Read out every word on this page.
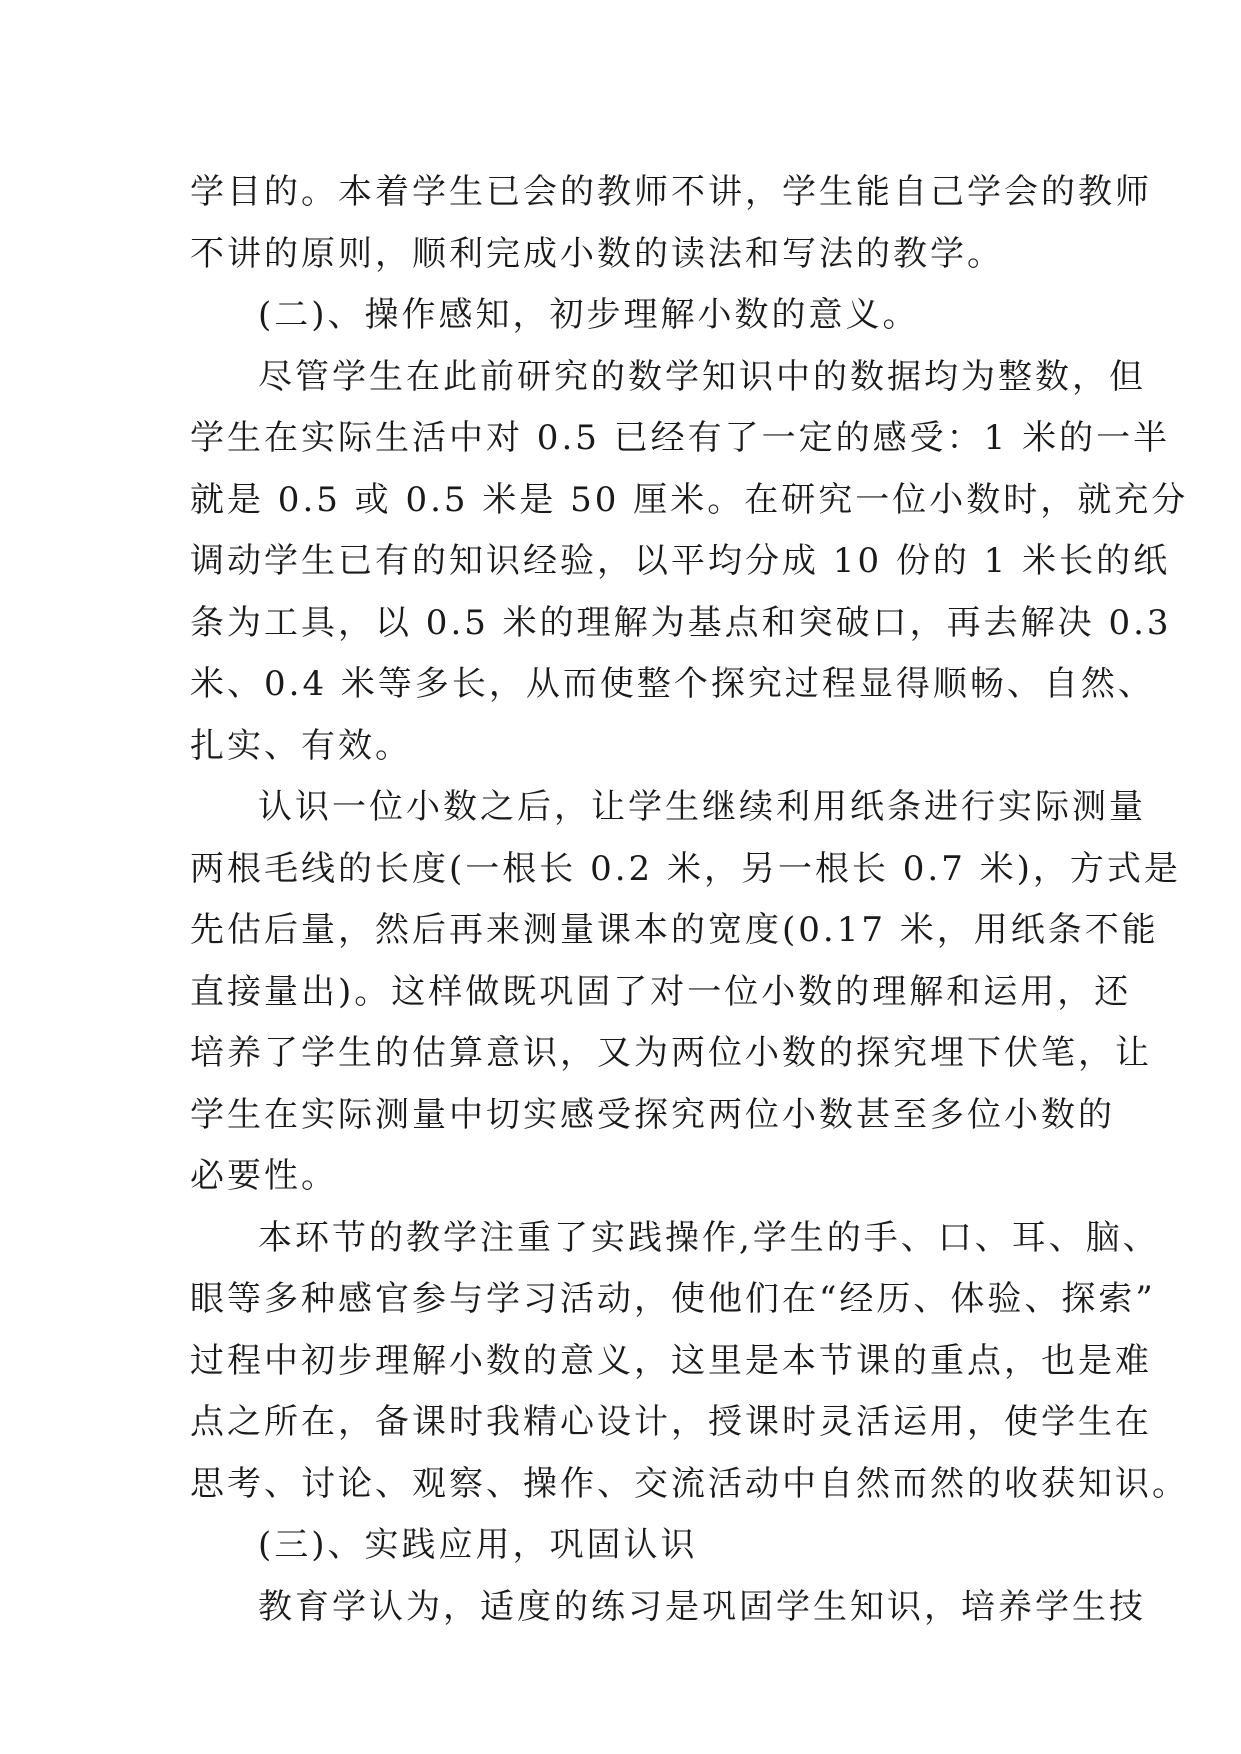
学目的。本着学生已会的教师不讲，学生能自己学会的教师
不讲的原则，顺利完成小数的读法和写法的教学。
(二)、操作感知，初步理解小数的意义。
尽管学生在此前研究的数学知识中的数据均为整数，但
学生在实际生活中对 0.5 已经有了一定的感受：1 米的一半
就是 0.5 或 0.5 米是 50 厘米。在研究一位小数时，就充分
调动学生已有的知识经验，以平均分成 10 份的 1 米长的纸
条为工具，以 0.5 米的理解为基点和突破口，再去解决 0.3
米、0.4 米等多长，从而使整个探究过程显得顺畅、自然、
扎实、有效。
认识一位小数之后，让学生继续利用纸条进行实际测量
两根毛线的长度(一根长 0.2 米，另一根长 0.7 米)，方式是
先估后量，然后再来测量课本的宽度(0.17 米，用纸条不能
直接量出)。这样做既巩固了对一位小数的理解和运用，还
培养了学生的估算意识，又为两位小数的探究埋下伏笔，让
学生在实际测量中切实感受探究两位小数甚至多位小数的
必要性。
本环节的教学注重了实践操作,学生的手、口、耳、脑、
眼等多种感官参与学习活动，使他们在“经历、体验、探索”
过程中初步理解小数的意义，这里是本节课的重点，也是难
点之所在，备课时我精心设计，授课时灵活运用，使学生在
思考、讨论、观察、操作、交流活动中自然而然的收获知识。
(三)、实践应用，巩固认识
教育学认为，适度的练习是巩固学生知识，培养学生技
